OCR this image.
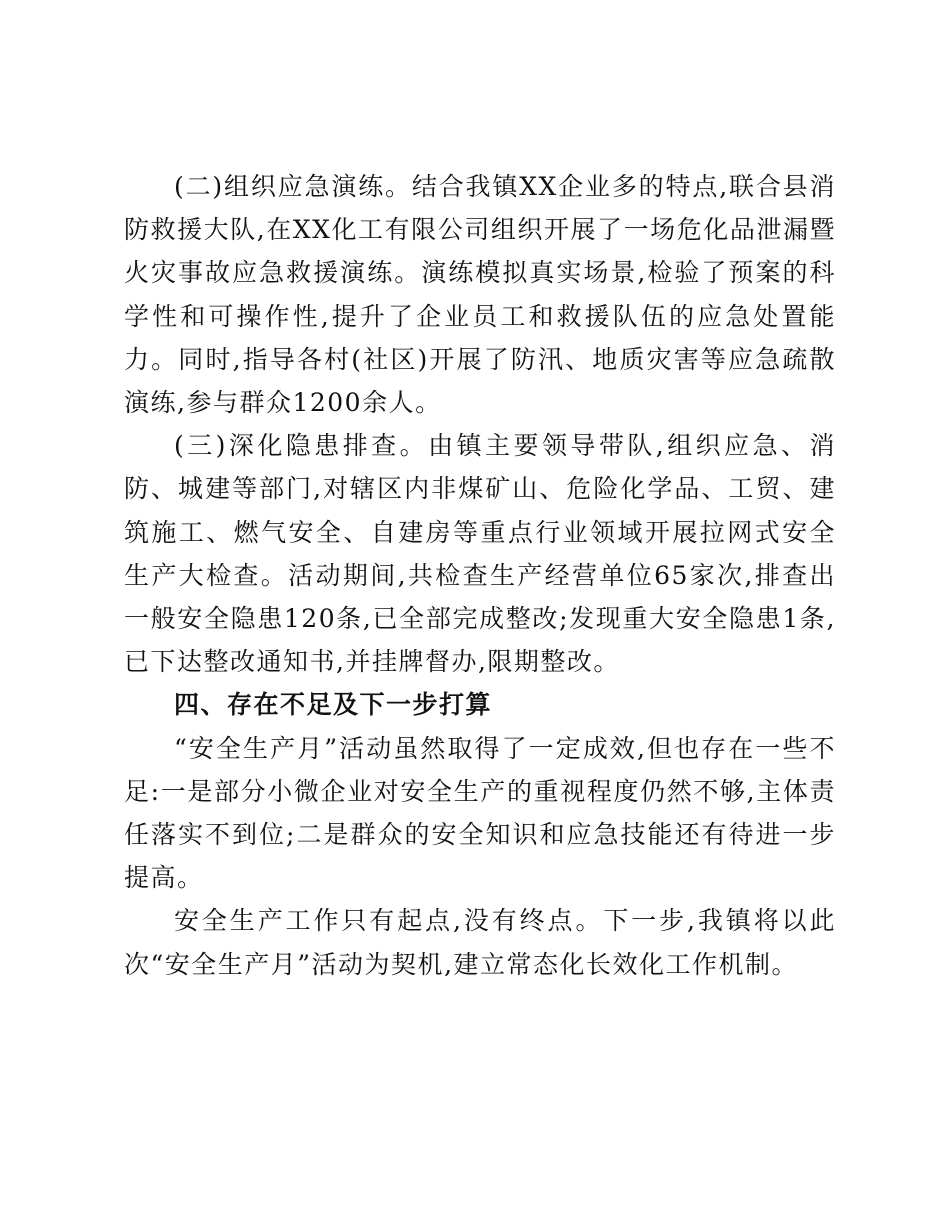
(二)组织应急演练。结合我镇XX企业多的特点,联合县消防救援大队,在XX化工有限公司组织开展了一场危化品泄漏暨火灾事故应急救援演练。演练模拟真实场景,检验了预案的科学性和可操作性,提升了企业员工和救援队伍的应急处置能力。同时,指导各村(社区)开展了防汛、地质灾害等应急疏散演练,参与群众1200余人。

(三)深化隐患排查。由镇主要领导带队,组织应急、消防、城建等部门,对辖区内非煤矿山、危险化学品、工贸、建筑施工、燃气安全、自建房等重点行业领域开展拉网式安全生产大检查。活动期间,共检查生产经营单位65家次,排查出一般安全隐患120条,已全部完成整改;发现重大安全隐患1条,已下达整改通知书,并挂牌督办,限期整改。

四、存在不足及下一步打算

“安全生产月”活动虽然取得了一定成效,但也存在一些不足:一是部分小微企业对安全生产的重视程度仍然不够,主体责任落实不到位;二是群众的安全知识和应急技能还有待进一步提高。

安全生产工作只有起点,没有终点。下一步,我镇将以此次“安全生产月”活动为契机,建立常态化长效化工作机制。
